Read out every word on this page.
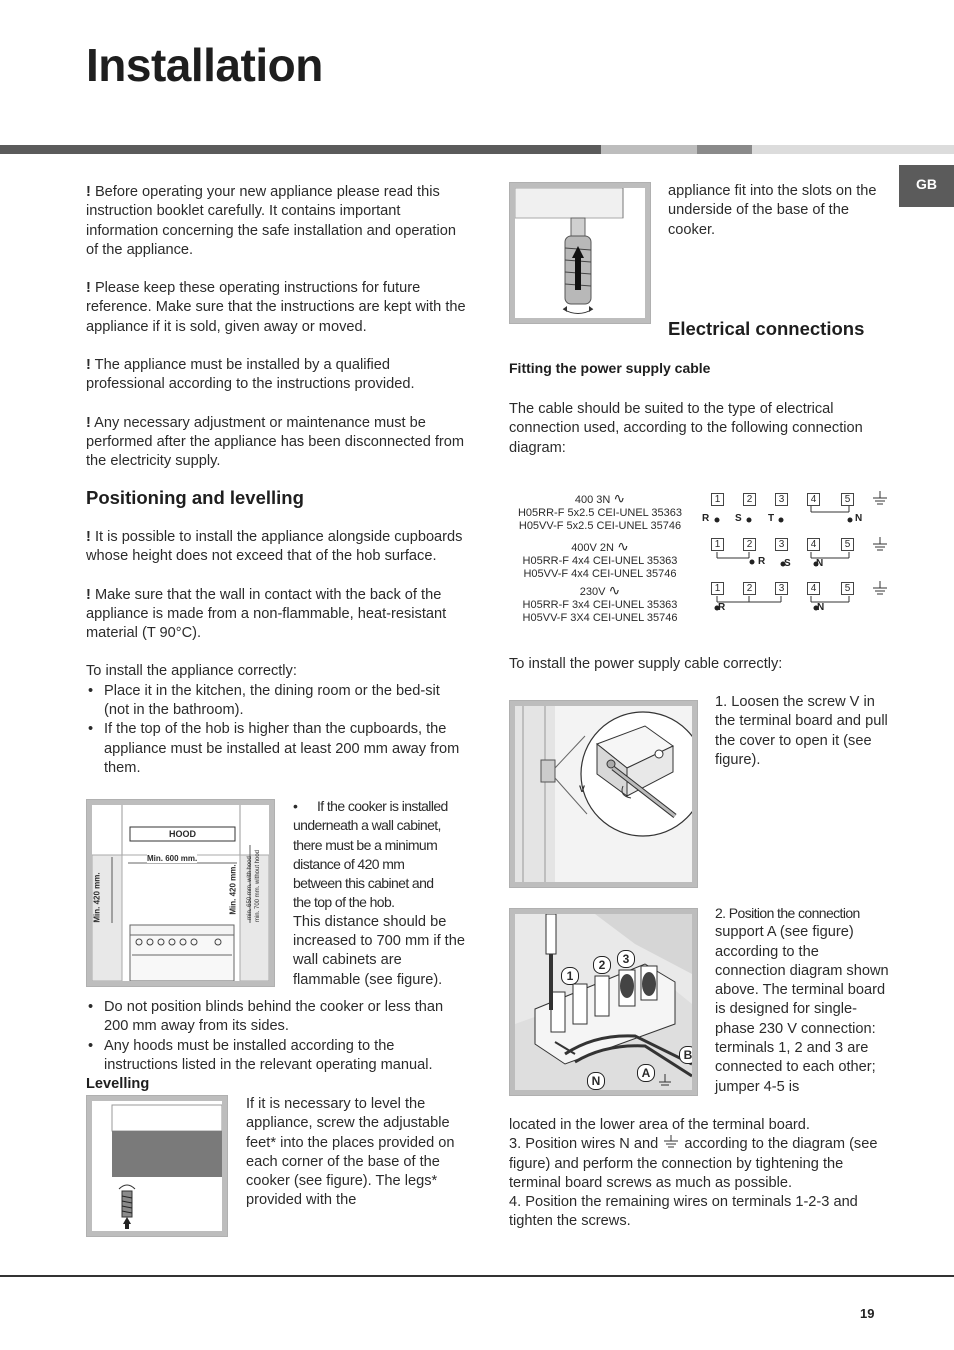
Installation
GB

! Before operating your new appliance please read this instruction booklet carefully. It contains important information concerning the safe installation and operation of the appliance.

! Please keep these operating instructions for future reference. Make sure that the instructions are kept with the appliance if it is sold, given away or moved.

! The appliance must be installed by a qualified professional according to the instructions provided.

! Any necessary adjustment or maintenance must be performed after the appliance has been disconnected from the electricity supply.

Positioning and levelling

! It is possible to install the appliance alongside cupboards whose height does not exceed that of the hob surface.

! Make sure that the wall in contact with the back of the appliance is made from a non-flammable, heat-resistant material (T 90°C).

To install the appliance correctly:

• Place it in the kitchen, the dining room or the bed-sit (not in the bathroom).
• If the top of the hob is higher than the cupboards, the appliance must be installed at least 200 mm away from them.
HOOD
Min. 600 mm.
Min. 420 mm.	Min. 420 mm. min. 650 mm. with hood min. 700 mm. without hood
• If the cooker is installed
underneath a wall cabinet,
there must be a minimum
distance of 420 mm
between this cabinet and
the top of the hob.
This distance should be increased to 700 mm if the wall cabinets are flammable (see figure).
• Do not position blinds behind the cooker or less than 200 mm away from its sides.
• Any hoods must be installed according to the instructions listed in the relevant operating manual.
Levelling
If it is necessary to level the appliance, screw the adjustable feet* into the places provided on each corner of the base of the cooker (see figure). The legs* provided with the
appliance fit into the slots on the underside of the base of the cooker.
Electrical connections
Fitting the power supply cable

The cable should be suited to the type of electrical connection used, according to the following connection diagram:

400 3N ∿
H05RR-F 5x2.5 CEI-UNEL 35363
H05VV-F 5x2.5 CEI-UNEL 35746
400V 2N ∿
H05RR-F 4x4 CEI-UNEL 35363
H05VV-F 4x4 CEI-UNEL 35746
230V ∿
H05RR-F 3x4 CEI-UNEL 35363
H05VV-F 3X4 CEI-UNEL 35746
1	2	3	4	5
R	S	T	N
1	2	3	4	5
R S	N
1	2	3	4	5
R	N

To install the power supply cable correctly:

V
1. Loosen the screw V in the terminal board and pull the cover to open it (see figure).
1
2	3
B
A
N
2. Position the connection
support A (see figure) according to the connection diagram shown above. The terminal board is designed for single-phase 230 V connection: terminals 1, 2 and 3 are connected to each other; jumper 4-5 is

located in the lower area of the terminal board.

3. Position wires N and according to the diagram (see figure) and perform the connection by tightening the terminal board screws as much as possible.

4. Position the remaining wires on terminals 1-2-3 and tighten the screws.

19
